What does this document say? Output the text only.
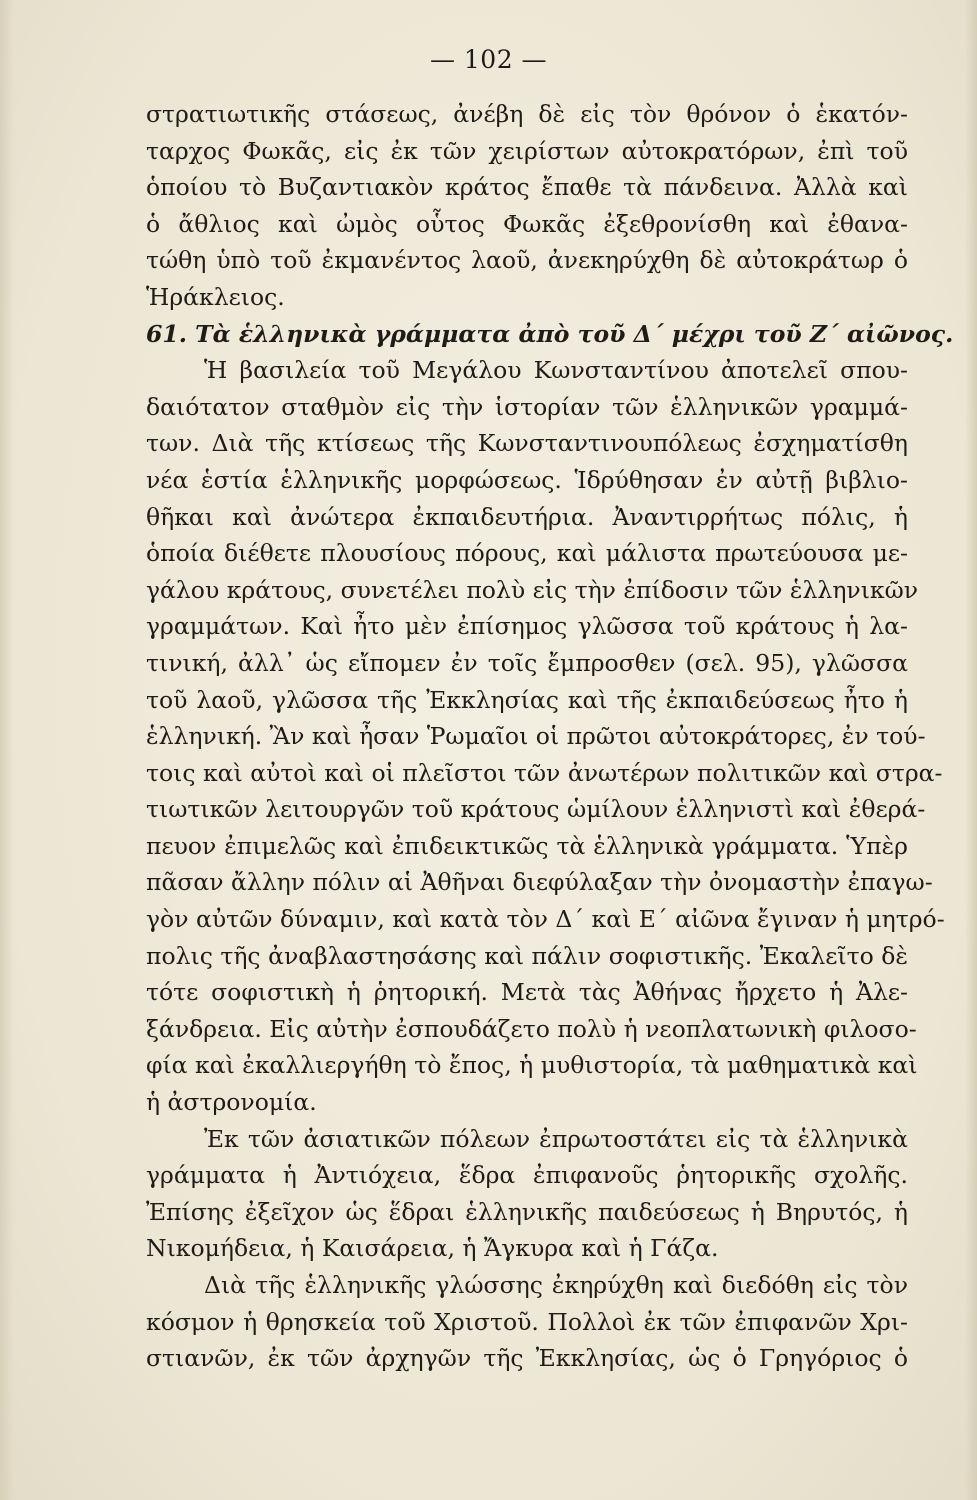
— 102 —
στρατιωτικῆς στάσεως, ἀνέβη δὲ εἰς τὸν θρόνον ὁ ἑκατόν-
ταρχος Φωκᾶς, εἰς ἐκ τῶν χειρίστων αὐτοκρατόρων, ἐπὶ τοῦ
ὁποίου τὸ Βυζαντιακὸν κράτος ἔπαθε τὰ πάνδεινα. Ἀλλὰ καὶ
ὁ ἄθλιος καὶ ὠμὸς οὗτος Φωκᾶς ἐξεθρονίσθη καὶ ἐθανα-
τώθη ὑπὸ τοῦ ἐκμανέντος λαοῦ, ἀνεκηρύχθη δὲ αὐτοκράτωρ ὁ
Ἡράκλειος.
61. Τὰ ἑλληνικὰ γράμματα ἀπὸ τοῦ Δ΄ μέχρι τοῦ Ζ΄ αἰῶνος.
Ἡ βασιλεία τοῦ Μεγάλου Κωνσταντίνου ἀποτελεῖ σπου-
δαιότατον σταθμὸν εἰς τὴν ἱστορίαν τῶν ἑλληνικῶν γραμμά-
των. Διὰ τῆς κτίσεως τῆς Κωνσταντινουπόλεως ἐσχηματίσθη
νέα ἑστία ἑλληνικῆς μορφώσεως. Ἱδρύθησαν ἐν αὐτῇ βιβλιο-
θῆκαι καὶ ἀνώτερα ἐκπαιδευτήρια. Ἀναντιρρήτως πόλις, ἡ
ὁποία διέθετε πλουσίους πόρους, καὶ μάλιστα πρωτεύουσα με-
γάλου κράτους, συνετέλει πολὺ εἰς τὴν ἐπίδοσιν τῶν ἑλληνικῶν
γραμμάτων. Καὶ ἦτο μὲν ἐπίσημος γλῶσσα τοῦ κράτους ἡ λα-
τινική, ἀλλ᾽ ὡς εἴπομεν ἐν τοῖς ἔμπροσθεν (σελ. 95), γλῶσσα
τοῦ λαοῦ, γλῶσσα τῆς Ἐκκλησίας καὶ τῆς ἐκπαιδεύσεως ἦτο ἡ
ἑλληνική. Ἂν καὶ ἦσαν Ῥωμαῖοι οἱ πρῶτοι αὐτοκράτορες, ἐν τού-
τοις καὶ αὐτοὶ καὶ οἱ πλεῖστοι τῶν ἀνωτέρων πολιτικῶν καὶ στρα-
τιωτικῶν λειτουργῶν τοῦ κράτους ὡμίλουν ἑλληνιστὶ καὶ ἐθερά-
πευον ἐπιμελῶς καὶ ἐπιδεικτικῶς τὰ ἑλληνικὰ γράμματα. Ὑπὲρ
πᾶσαν ἄλλην πόλιν αἱ Ἀθῆναι διεφύλαξαν τὴν ὀνομαστὴν ἐπαγω-
γὸν αὐτῶν δύναμιν, καὶ κατὰ τὸν Δ΄ καὶ Ε΄ αἰῶνα ἔγιναν ἡ μητρό-
πολις τῆς ἀναβλαστησάσης καὶ πάλιν σοφιστικῆς. Ἐκαλεῖτο δὲ
τότε σοφιστικὴ ἡ ῥητορική. Μετὰ τὰς Ἀθήνας ἤρχετο ἡ Ἀλε-
ξάνδρεια. Εἰς αὐτὴν ἐσπουδάζετο πολὺ ἡ νεοπλατωνικὴ φιλοσο-
φία καὶ ἐκαλλιεργήθη τὸ ἔπος, ἡ μυθιστορία, τὰ μαθηματικὰ καὶ
ἡ ἀστρονομία.
Ἐκ τῶν ἀσιατικῶν πόλεων ἐπρωτοστάτει εἰς τὰ ἑλληνικὰ
γράμματα ἡ Ἀντιόχεια, ἕδρα ἐπιφανοῦς ῥητορικῆς σχολῆς.
Ἐπίσης ἐξεῖχον ὡς ἕδραι ἑλληνικῆς παιδεύσεως ἡ Βηρυτός, ἡ
Νικομήδεια, ἡ Καισάρεια, ἡ Ἄγκυρα καὶ ἡ Γάζα.
Διὰ τῆς ἑλληνικῆς γλώσσης ἐκηρύχθη καὶ διεδόθη εἰς τὸν
κόσμον ἡ θρησκεία τοῦ Χριστοῦ. Πολλοὶ ἐκ τῶν ἐπιφανῶν Χρι-
στιανῶν, ἐκ τῶν ἀρχηγῶν τῆς Ἐκκλησίας, ὡς ὁ Γρηγόριος ὁ
